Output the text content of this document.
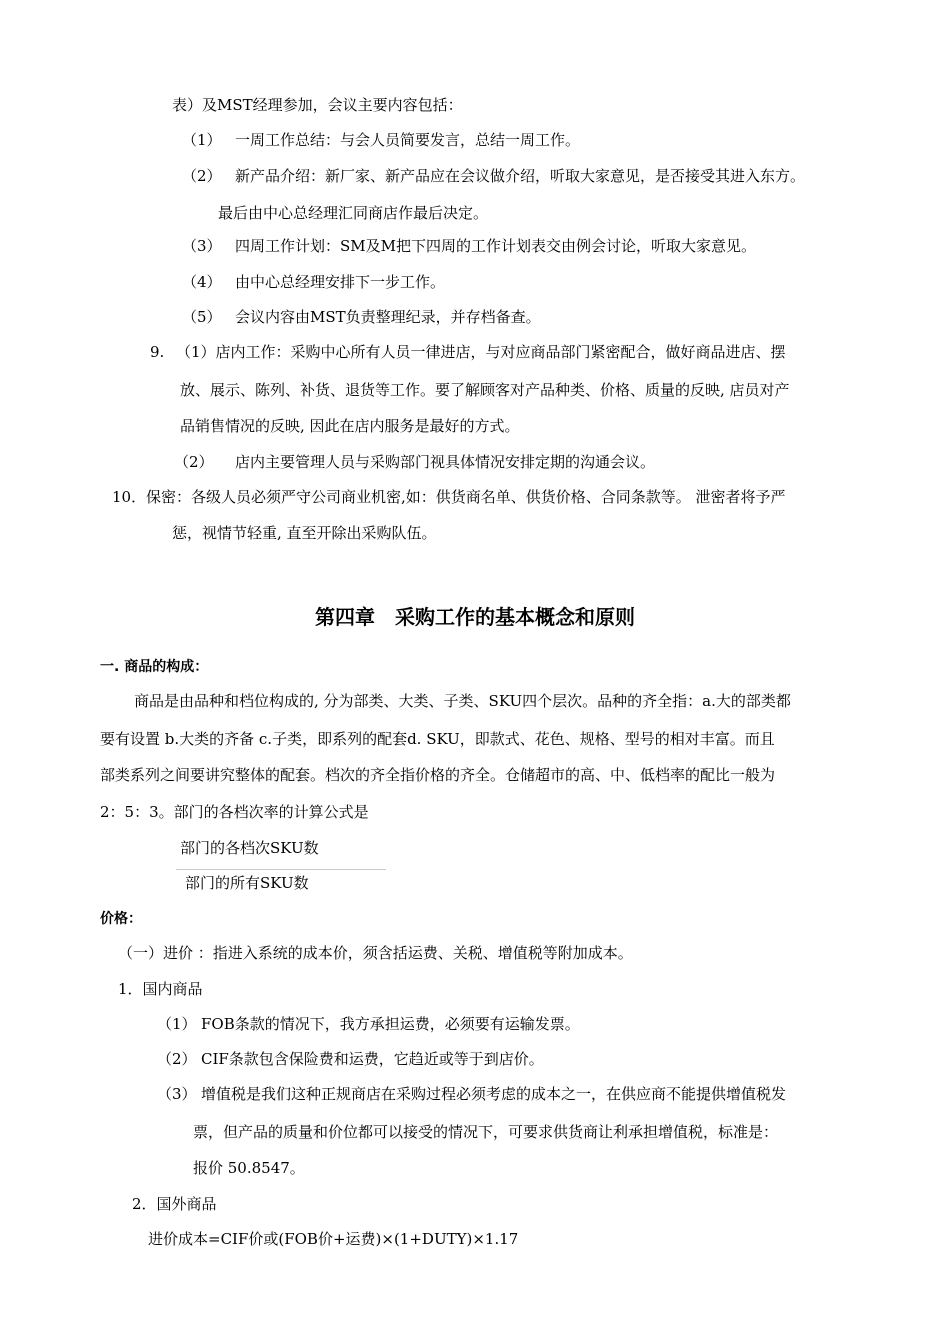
表）及MST经理参加，会议主要内容包括：
（1） 一周工作总结：与会人员简要发言，总结一周工作。
（2） 新产品介绍：新厂家、新产品应在会议做介绍，听取大家意见，是否接受其进入东方。
最后由中心总经理汇同商店作最后决定。
（3） 四周工作计划：SM及M把下四周的工作计划表交由例会讨论，听取大家意见。
（4） 由中心总经理安排下一步工作。
（5） 会议内容由MST负责整理纪录，并存档备查。
9. （1）店内工作：采购中心所有人员一律进店，与对应商品部门紧密配合，做好商品进店、摆
放、展示、陈列、补货、退货等工作。要了解顾客对产品种类、价格、质量的反映, 店员对产
品销售情况的反映, 因此在店内服务是最好的方式。
（2） 店内主要管理人员与采购部门视具体情况安排定期的沟通会议。
10． 保密：各级人员必须严守公司商业机密,如：供货商名单、供货价格、合同条款等。 泄密者将予严
惩，视情节轻重, 直至开除出采购队伍。
第四章　采购工作的基本概念和原则
一. 商品的构成：
商品是由品种和档位构成的, 分为部类、大类、子类、SKU四个层次。品种的齐全指：a.大的部类都
要有设置 b.大类的齐备 c.子类，即系列的配套d. SKU，即款式、花色、规格、型号的相对丰富。而且
部类系列之间要讲究整体的配套。档次的齐全指价格的齐全。仓储超市的高、中、低档率的配比一般为
2：5：3。部门的各档次率的计算公式是
部门的各档次SKU数
部门的所有SKU数
价格：
（一）进价 ：指进入系统的成本价，须含括运费、关税、增值税等附加成本。
1．国内商品
（1） FOB条款的情况下，我方承担运费，必须要有运输发票。
（2） CIF条款包含保险费和运费，它趋近或等于到店价。
（3） 增值税是我们这种正规商店在采购过程必须考虑的成本之一，在供应商不能提供增值税发
票，但产品的质量和价位都可以接受的情况下，可要求供货商让利承担增值税，标准是：
报价 50.8547。
2．国外商品
进价成本=CIF价或(FOB价+运费)×(1+DUTY)×1.17
